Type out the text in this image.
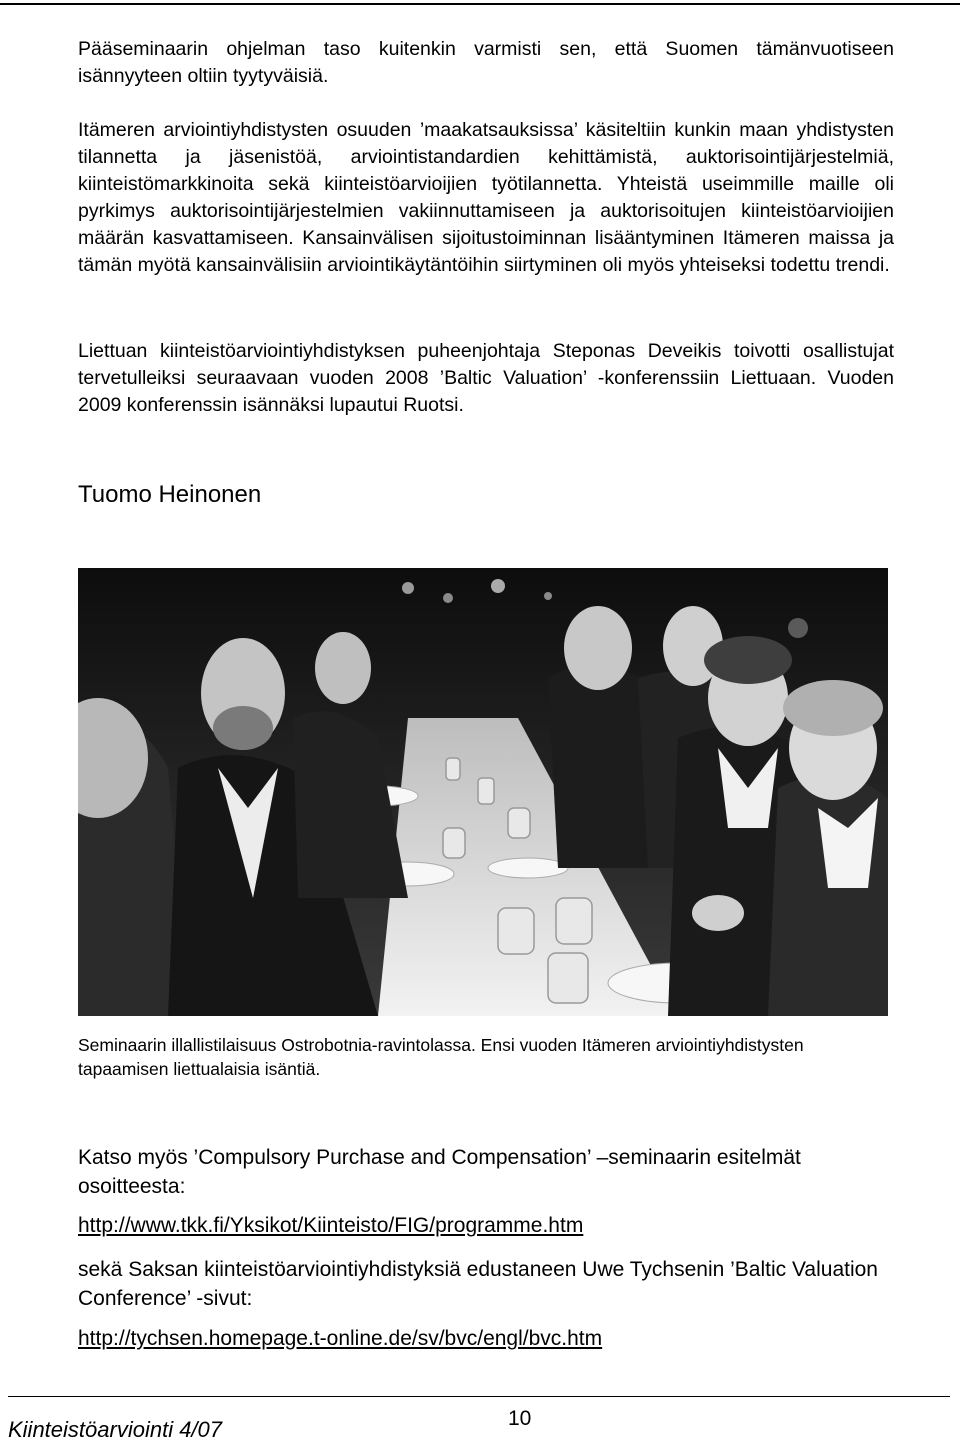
Pääseminaarin ohjelman taso kuitenkin varmisti sen, että Suomen tämänvuotiseen isännyyteen oltiin tyytyväisiä.

Itämeren arviointiyhdistysten osuuden ’maakatsauksissa’ käsiteltiin kunkin maan yhdistysten tilannetta ja jäsenistöä, arviointistandardien kehittämistä, auktorisointijärjestelmiä, kiinteistömarkkinoita sekä kiinteistöarvioijien työtilannetta. Yhteistä useimmille maille oli pyrkimys auktorisointijärjestelmien vakiinnuttamiseen ja auktorisoitujen kiinteistöarvioijien määrän kasvattamiseen. Kansainvälisen sijoitustoiminnan lisääntyminen Itämeren maissa ja tämän myötä kansainvälisiin arviointikäytäntöihin siirtyminen oli myös yhteiseksi todettu trendi.

Liettuan kiinteistöarviointiyhdistyksen puheenjohtaja Steponas Deveikis toivotti osallistujat tervetulleiksi seuraavaan vuoden 2008 ’Baltic Valuation’ -konferenssiin Liettuaan. Vuoden 2009 konferenssin isännäksi lupautui Ruotsi.

Tuomo Heinonen
Seminaarin illallistilaisuus Ostrobotnia-ravintolassa. Ensi vuoden Itämeren arviointiyhdistysten tapaamisen liettualaisia isäntiä.
Katso myös ’Compulsory Purchase and Compensation’ –seminaarin esitelmät osoitteesta:
http://www.tkk.fi/Yksikot/Kiinteisto/FIG/programme.htm
sekä Saksan kiinteistöarviointiyhdistyksiä edustaneen Uwe Tychsenin ’Baltic Valuation Conference’ -sivut:
http://tychsen.homepage.t-online.de/sv/bvc/engl/bvc.htm
Kiinteistöarviointi 4/07	10
